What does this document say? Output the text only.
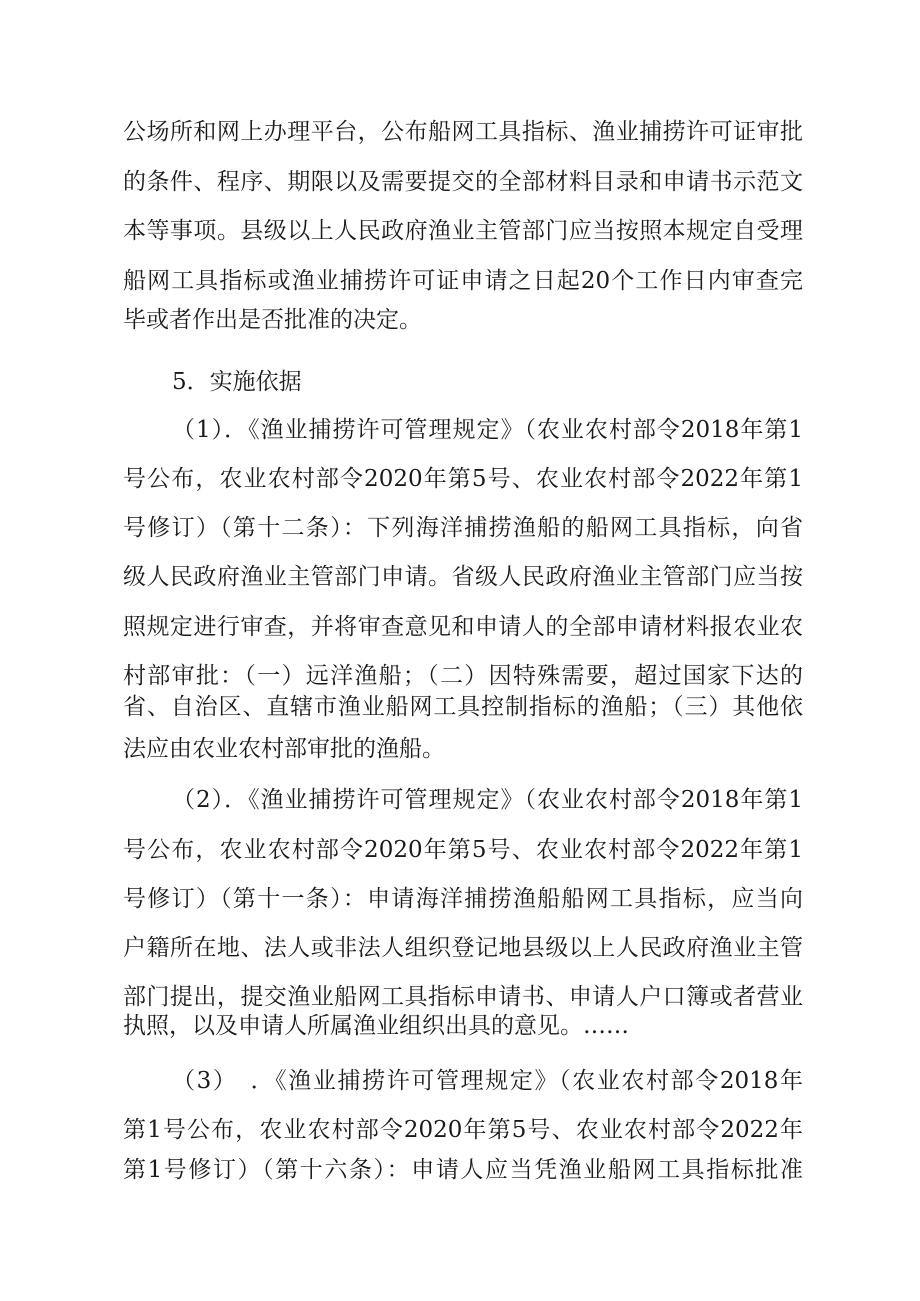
公场所和网上办理平台，公布船网工具指标、渔业捕捞许可证审批
的条件、程序、期限以及需要提交的全部材料目录和申请书示范文
本等事项。县级以上人民政府渔业主管部门应当按照本规定自受理
船网工具指标或渔业捕捞许可证申请之日起20个工作日内审查完
毕或者作出是否批准的决定。
5．实施依据
（1）．《渔业捕捞许可管理规定》（农业农村部令2018年第1
号公布，农业农村部令2020年第5号、农业农村部令2022年第1
号修订）（第十二条）：下列海洋捕捞渔船的船网工具指标，向省
级人民政府渔业主管部门申请。省级人民政府渔业主管部门应当按
照规定进行审查，并将审查意见和申请人的全部申请材料报农业农
村部审批：（一）远洋渔船；（二）因特殊需要，超过国家下达的
省、自治区、直辖市渔业船网工具控制指标的渔船；（三）其他依
法应由农业农村部审批的渔船。
（2）．《渔业捕捞许可管理规定》（农业农村部令2018年第1
号公布，农业农村部令2020年第5号、农业农村部令2022年第1
号修订）（第十一条）：申请海洋捕捞渔船船网工具指标，应当向
户籍所在地、法人或非法人组织登记地县级以上人民政府渔业主管
部门提出，提交渔业船网工具指标申请书、申请人户口簿或者营业
执照，以及申请人所属渔业组织出具的意见。……
（3）　．《渔业捕捞许可管理规定》（农业农村部令2018年
第1号公布，农业农村部令2020年第5号、农业农村部令2022年
第1号修订）（第十六条）：申请人应当凭渔业船网工具指标批准
